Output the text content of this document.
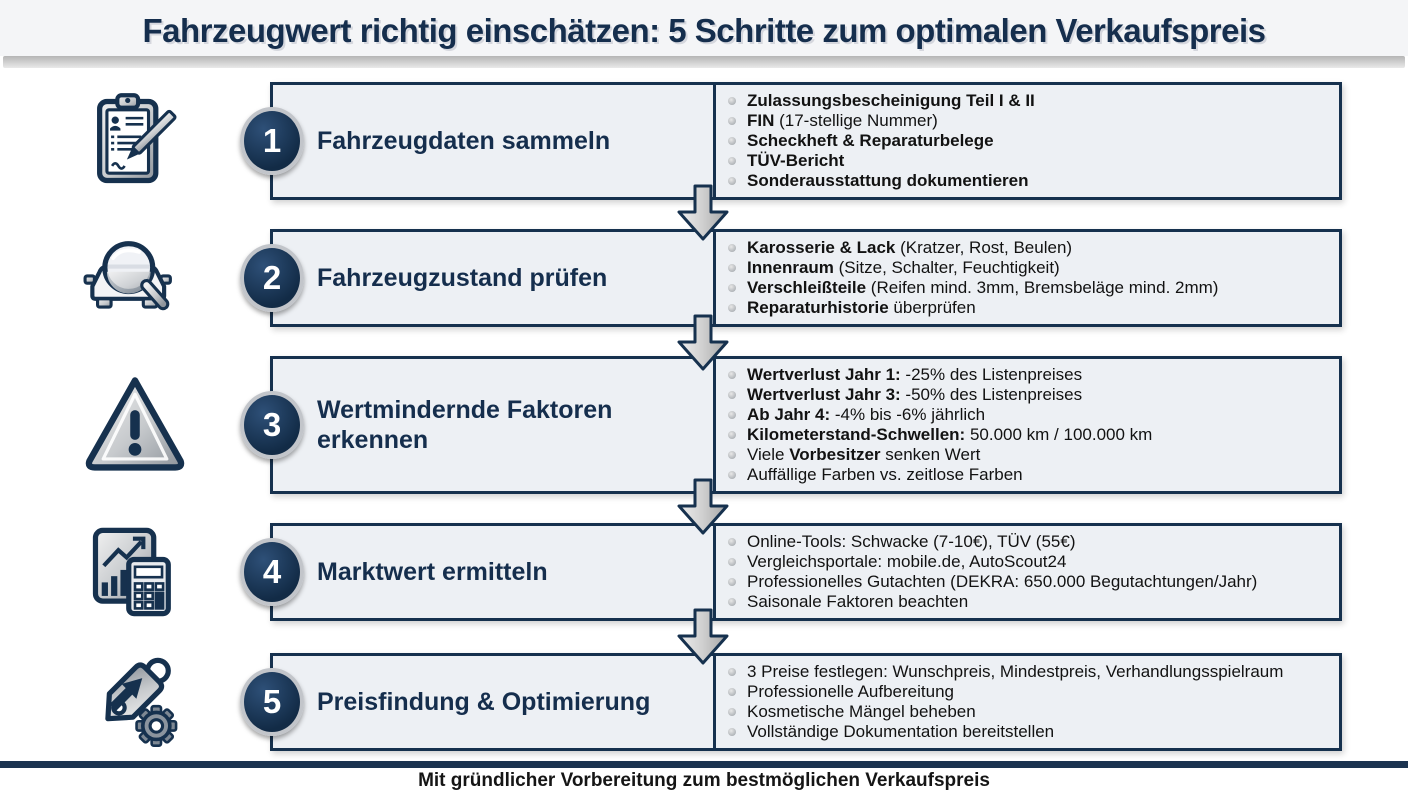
Fahrzeugwert richtig einschätzen: 5 Schritte zum optimalen Verkaufspreis
1	Fahrzeugdaten sammeln
Zulassungsbescheinigung Teil I & II
FIN (17-stellige Nummer)
Scheckheft & Reparaturbelege
TÜV-Bericht
Sonderausstattung dokumentieren
2	Fahrzeugzustand prüfen
Karosserie & Lack (Kratzer, Rost, Beulen)
Innenraum (Sitze, Schalter, Feuchtigkeit)
Verschleißteile (Reifen mind. 3mm, Bremsbeläge mind. 2mm)
Reparaturhistorie überprüfen
3	Wertmindernde Faktoren erkennen
Wertverlust Jahr 1: -25% des Listenpreises
Wertverlust Jahr 3: -50% des Listenpreises
Ab Jahr 4: -4% bis -6% jährlich
Kilometerstand-Schwellen: 50.000 km / 100.000 km
Viele Vorbesitzer senken Wert
Auffällige Farben vs. zeitlose Farben
4	Marktwert ermitteln
Online-Tools: Schwacke (7-10€), TÜV (55€)
Vergleichsportale: mobile.de, AutoScout24
Professionelles Gutachten (DEKRA: 650.000 Begutachtungen/Jahr)
Saisonale Faktoren beachten
5	Preisfindung & Optimierung
3 Preise festlegen: Wunschpreis, Mindestpreis, Verhandlungsspielraum
Professionelle Aufbereitung
Kosmetische Mängel beheben
Vollständige Dokumentation bereitstellen
Mit gründlicher Vorbereitung zum bestmöglichen Verkaufspreis
